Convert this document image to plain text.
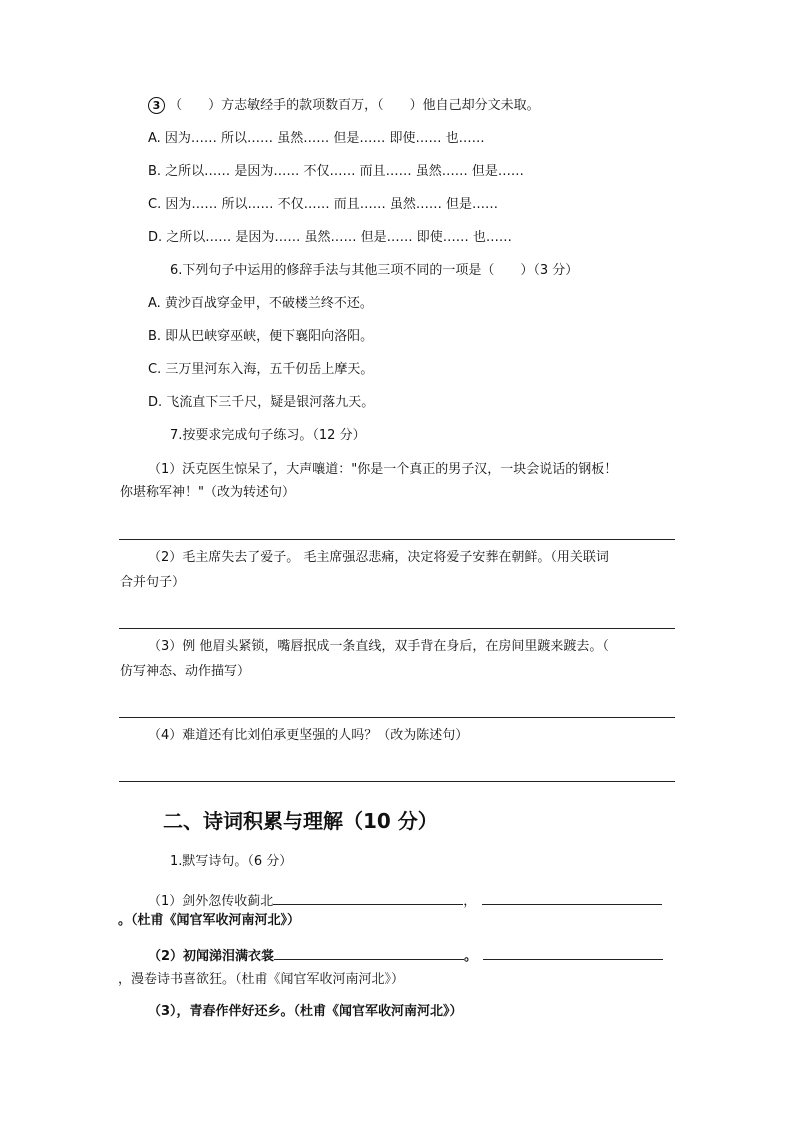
3 （　　）方志敏经手的款项数百万，（　　）他自己却分文未取。
A. 因为…… 所以…… 虽然…… 但是…… 即使…… 也……
B. 之所以…… 是因为…… 不仅…… 而且…… 虽然…… 但是……
C. 因为…… 所以…… 不仅…… 而且…… 虽然…… 但是……
D. 之所以…… 是因为…… 虽然…… 但是…… 即使…… 也……
6.下列句子中运用的修辞手法与其他三项不同的一项是（　　）（3 分）
A. 黄沙百战穿金甲，不破楼兰终不还。
B. 即从巴峡穿巫峡，便下襄阳向洛阳。
C. 三万里河东入海，五千仞岳上摩天。
D. 飞流直下三千尺，疑是银河落九天。
7.按要求完成句子练习。（12 分）
（1）沃克医生惊呆了，大声嚷道："你是一个真正的男子汉，一块会说话的钢板！
你堪称军神！"（改为转述句）
（2）毛主席失去了爱子。 毛主席强忍悲痛，决定将爱子安葬在朝鲜。（用关联词
合并句子）
（3）例 他眉头紧锁，嘴唇抿成一条直线，双手背在身后，在房间里踱来踱去。（
仿写神态、动作描写）
（4）难道还有比刘伯承更坚强的人吗？（改为陈述句）
二、诗词积累与理解（10 分）
1.默写诗句。（6 分）
（1）剑外忽传收蓟北	，
。（杜甫《闻官军收河南河北》）
（2）初闻涕泪满衣裳	。
，漫卷诗书喜欲狂。（杜甫《闻官军收河南河北》）
（3），青春作伴好还乡。（杜甫《闻官军收河南河北》）
